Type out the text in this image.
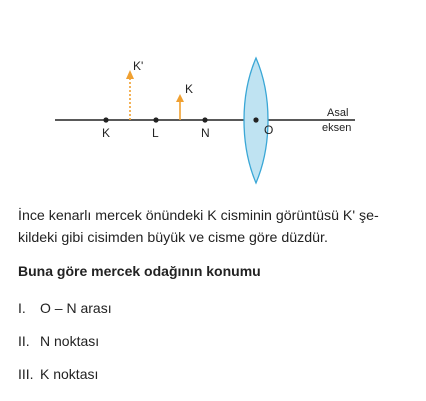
K'
K
K	L	N	O
Asal
eksen

İnce kenarlı mercek önündeki K cisminin görüntüsü K' şe-
kildeki gibi cisimden büyük ve cisme göre düzdür.

Buna göre mercek odağının konumu

I. O – N arası
II. N noktası
III. K noktası
